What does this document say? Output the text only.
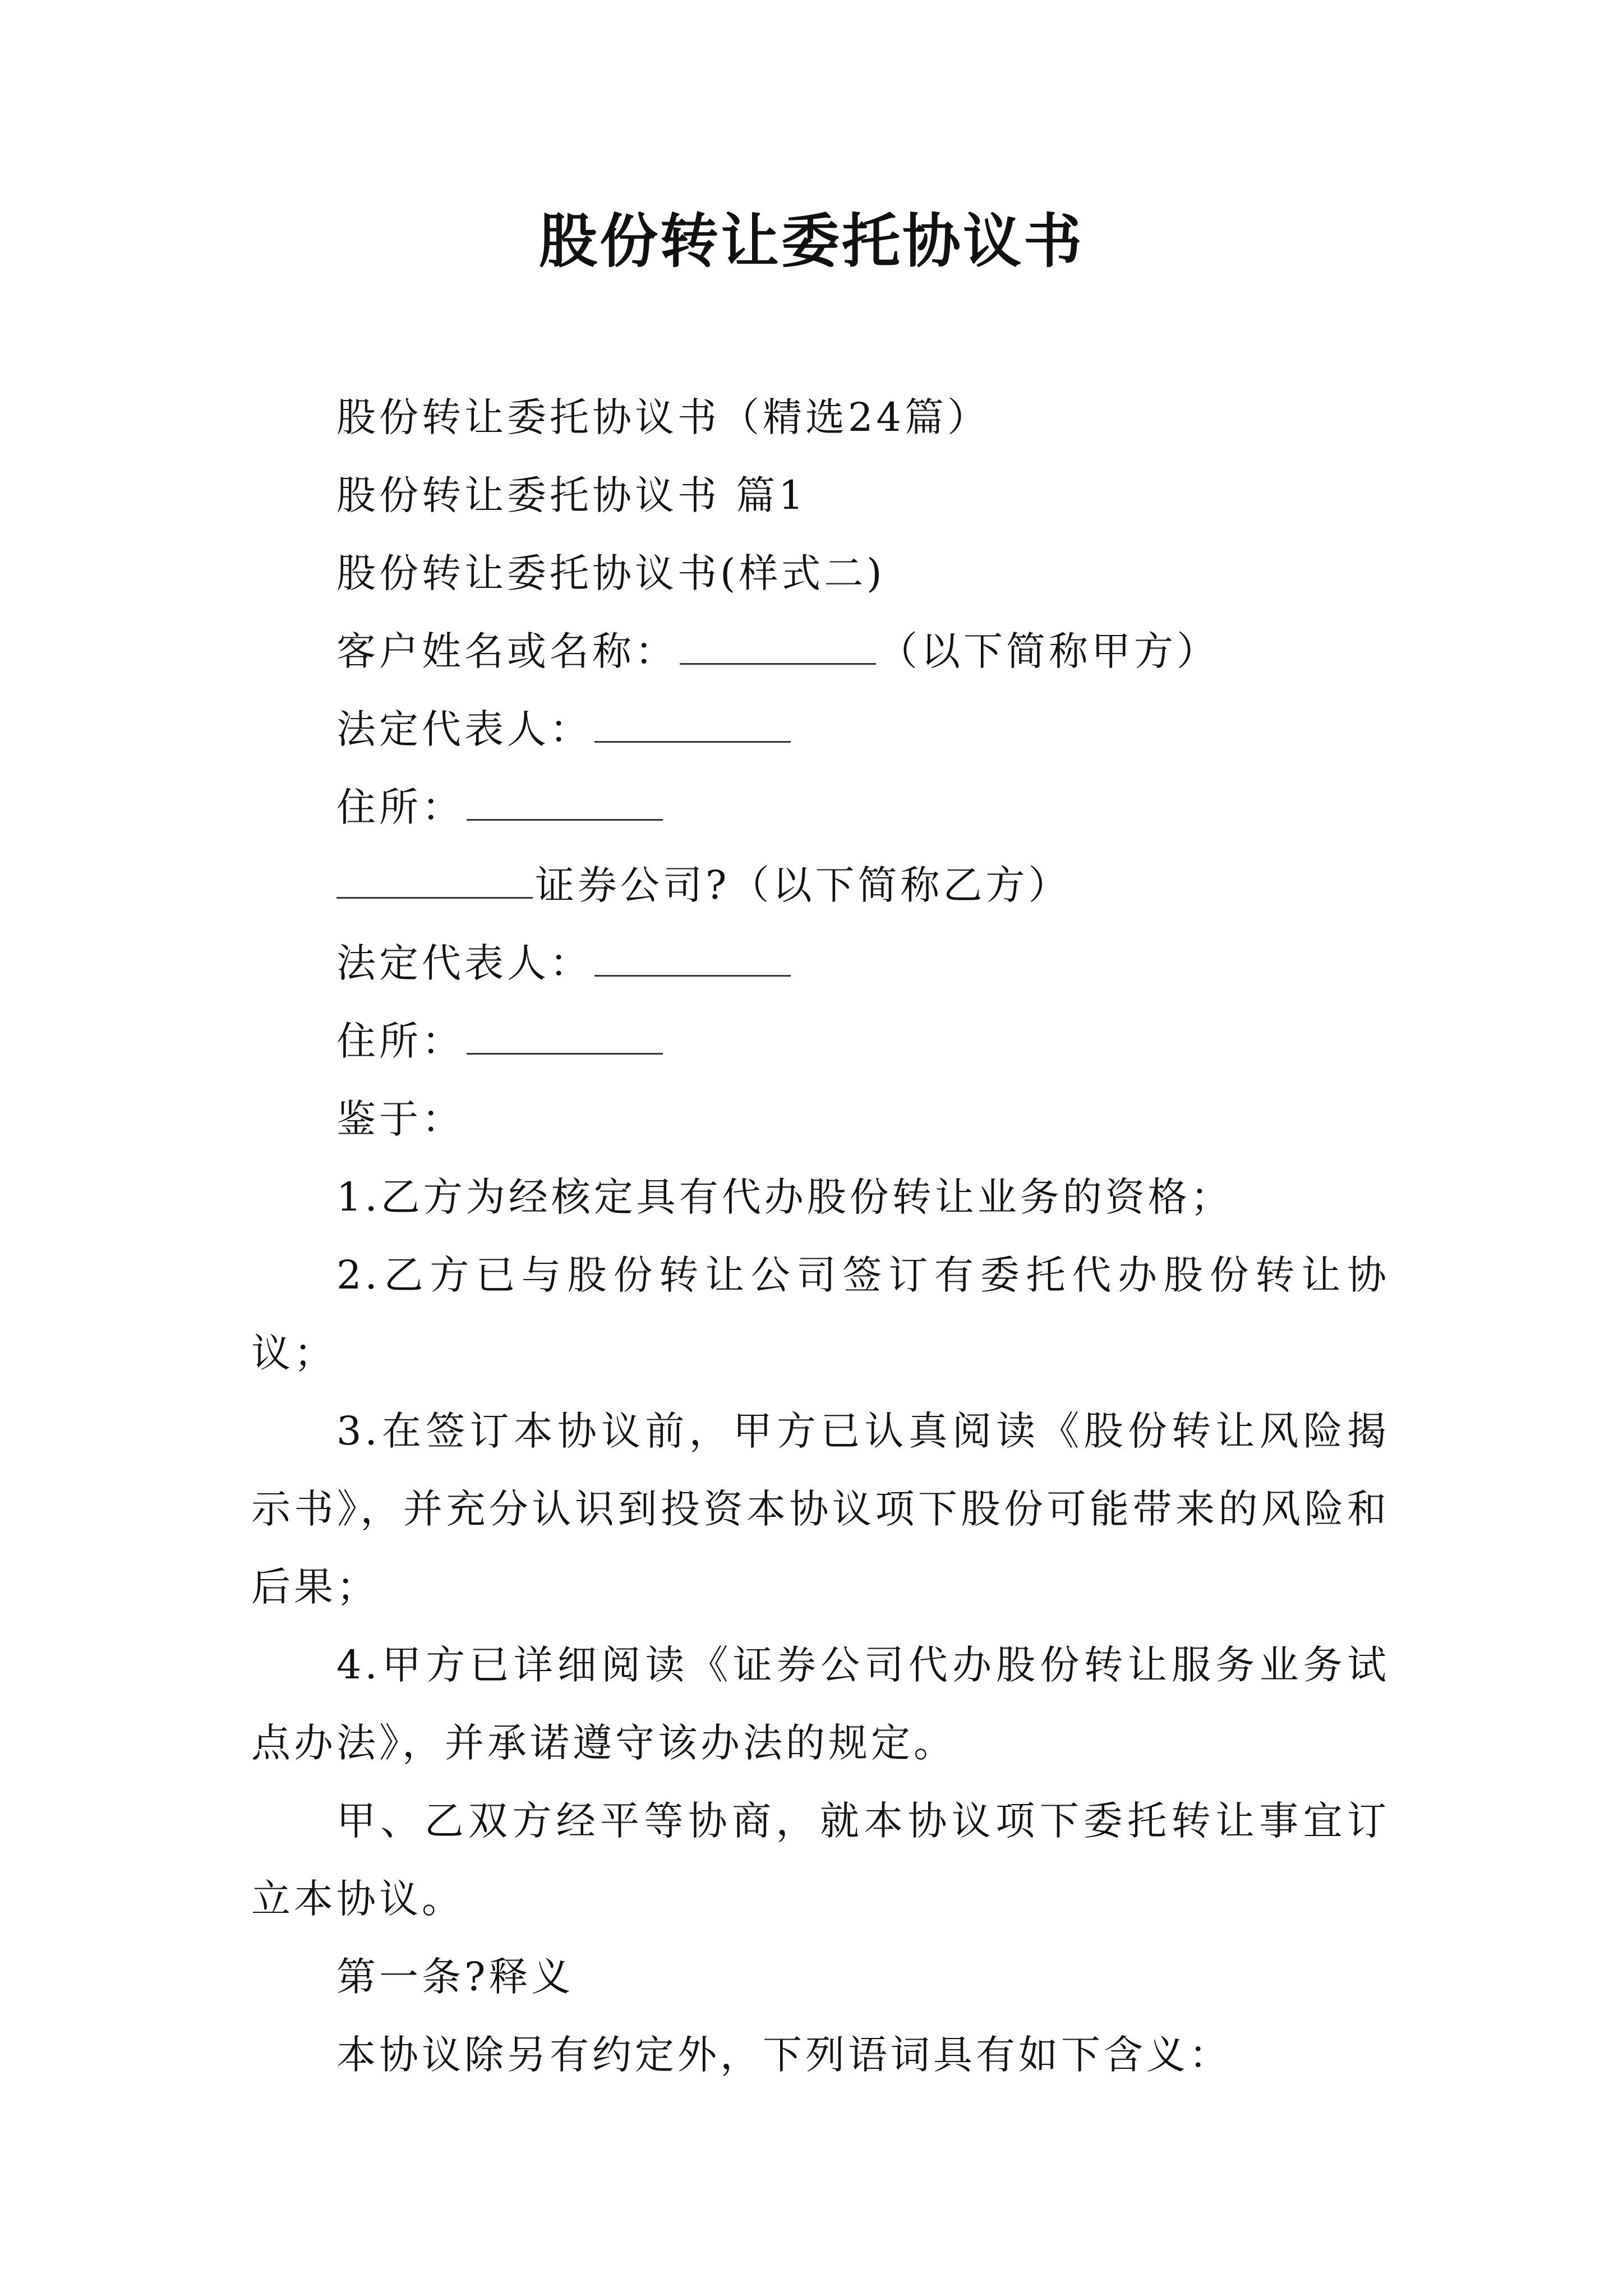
股份转让委托协议书
股份转让委托协议书（精选24篇）
股份转让委托协议书 篇1
股份转让委托协议书(样式二)
客户姓名或名称：	（以下简称甲方）
法定代表人：
住所：
证券公司?（以下简称乙方）
法定代表人：
住所：
鉴于：
1.乙方为经核定具有代办股份转让业务的资格；
2.乙方已与股份转让公司签订有委托代办股份转让协议；
3.在签订本协议前，甲方已认真阅读《股份转让风险揭示书》，并充分认识到投资本协议项下股份可能带来的风险和后果；
4.甲方已详细阅读《证券公司代办股份转让服务业务试点办法》，并承诺遵守该办法的规定。
甲、乙双方经平等协商，就本协议项下委托转让事宜订立本协议。
第一条?释义
本协议除另有约定外，下列语词具有如下含义：
